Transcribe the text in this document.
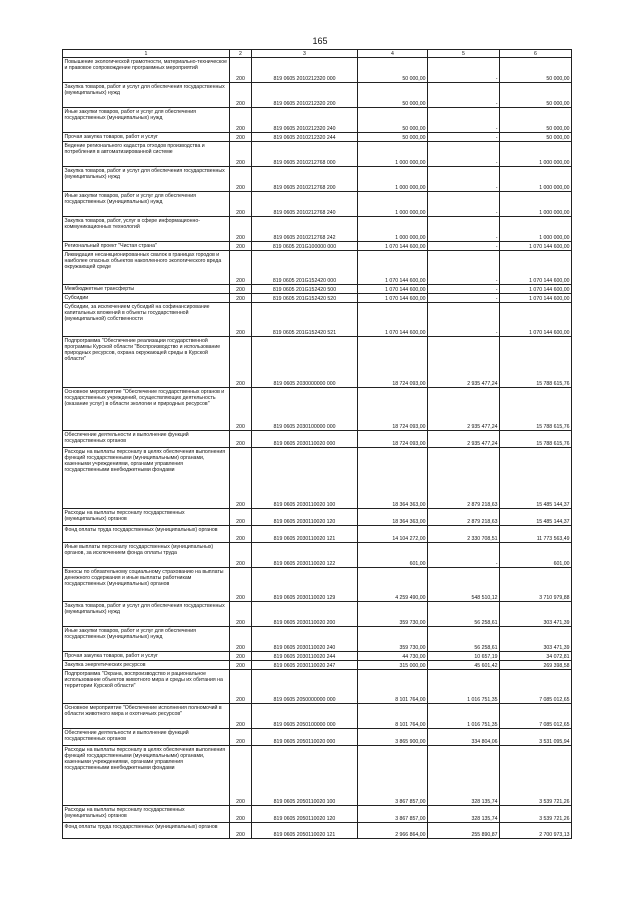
165
1	2	3	4	5	6
Повышение экологической грамотности, материально-техническое и правовое сопровождение программных мероприятий	200	819 0605 2010212320 000	50 000,00	-	50 000,00
Закупка товаров, работ и услуг для обеспечения государственных (муниципальных) нужд	200	819 0605 2010212320 200	50 000,00	-	50 000,00
Иные закупки товаров, работ и услуг для обеспечения государственных (муниципальных) нужд	200	819 0605 2010212320 240	50 000,00	-	50 000,00
Прочая закупка товаров, работ и услуг	200	819 0605 2010212320 244	50 000,00	-	50 000,00
Ведение регионального кадастра отходов производства и потребления в автоматизированной системе	200	819 0605 2010212768 000	1 000 000,00	-	1 000 000,00
Закупка товаров, работ и услуг для обеспечения государственных (муниципальных) нужд	200	819 0605 2010212768 200	1 000 000,00	-	1 000 000,00
Иные закупки товаров, работ и услуг для обеспечения государственных (муниципальных) нужд	200	819 0605 2010212768 240	1 000 000,00	-	1 000 000,00
Закупка товаров, работ, услуг в сфере информационно-коммуникационных технологий	200	819 0605 2010212768 242	1 000 000,00	-	1 000 000,00
Региональный проект "Чистая страна"	200	819 0605 201G100000 000	1 070 144 600,00	-	1 070 144 600,00
Ликвидация несанкционированных свалок в границах городов и наиболее опасных объектов накопленного экологического вреда окружающей среде	200	819 0605 201G152420 000	1 070 144 600,00	-	1 070 144 600,00
Межбюджетные трансферты	200	819 0605 201G152420 500	1 070 144 600,00	-	1 070 144 600,00
Субсидии	200	819 0605 201G152420 520	1 070 144 600,00	-	1 070 144 600,00
Субсидии, за исключением субсидий на софинансирование капитальных вложений в объекты государственной (муниципальной) собственности	200	819 0605 201G152420 521	1 070 144 600,00	-	1 070 144 600,00
Подпрограмма "Обеспечение реализации государственной программы Курской области "Воспроизводство и использование природных ресурсов, охрана окружающей среды в Курской области"	200	819 0605 2030000000 000	18 724 093,00	2 935 477,24	15 788 615,76
Основное мероприятие "Обеспечение государственных органов и государственных учреждений, осуществляющих деятельность (оказание услуг) в области экологии и природных ресурсов"	200	819 0605 2030100000 000	18 724 093,00	2 935 477,24	15 788 615,76
Обеспечение деятельности и выполнение функций государственных органов	200	819 0605 2030110020 000	18 724 093,00	2 935 477,24	15 788 615,76
Расходы на выплаты персоналу в целях обеспечения выполнения функций государственными (муниципальными) органами, казенными учреждениями, органами управления государственными внебюджетными фондами	200	819 0605 2030110020 100	18 364 363,00	2 879 218,63	15 485 144,37
Расходы на выплаты персоналу государственных (муниципальных) органов	200	819 0605 2030110020 120	18 364 363,00	2 879 218,63	15 485 144,37
Фонд оплаты труда государственных (муниципальных) органов	200	819 0605 2030110020 121	14 104 272,00	2 330 708,51	11 773 563,49
Иные выплаты персоналу государственных (муниципальных) органов, за исключением фонда оплаты труда	200	819 0605 2030110020 122	601,00	-	601,00
Взносы по обязательному социальному страхованию на выплаты денежного содержания и иные выплаты работникам государственных (муниципальных) органов	200	819 0605 2030110020 129	4 259 490,00	548 510,12	3 710 979,88
Закупка товаров, работ и услуг для обеспечения государственных (муниципальных) нужд	200	819 0605 2030110020 200	359 730,00	56 258,61	303 471,39
Иные закупки товаров, работ и услуг для обеспечения государственных (муниципальных) нужд	200	819 0605 2030110020 240	359 730,00	56 258,61	303 471,39
Прочая закупка товаров, работ и услуг	200	819 0605 2030110020 244	44 730,00	10 657,19	34 072,81
Закупка энергетических ресурсов	200	819 0605 2030110020 247	315 000,00	45 601,42	269 398,58
Подпрограмма "Охрана, воспроизводство и рациональное использование объектов животного мира и среды их обитания на территории Курской области"	200	819 0605 2050000000 000	8 101 764,00	1 016 751,35	7 085 012,65
Основное мероприятие "Обеспечение исполнения полномочий в области животного мира и охотничьих ресурсов"	200	819 0605 2050100000 000	8 101 764,00	1 016 751,35	7 085 012,65
Обеспечение деятельности и выполнение функций государственных органов	200	819 0605 2050110020 000	3 865 900,00	334 804,06	3 531 095,94
Расходы на выплаты персоналу в целях обеспечения выполнения функций государственными (муниципальными) органами, казенными учреждениями, органами управления государственными внебюджетными фондами	200	819 0605 2050110020 100	3 867 857,00	328 135,74	3 539 721,26
Расходы на выплаты персоналу государственных (муниципальных) органов	200	819 0605 2050110020 120	3 867 857,00	328 135,74	3 539 721,26
Фонд оплаты труда государственных (муниципальных) органов	200	819 0605 2050110020 121	2 966 864,00	255 890,87	2 700 973,13
